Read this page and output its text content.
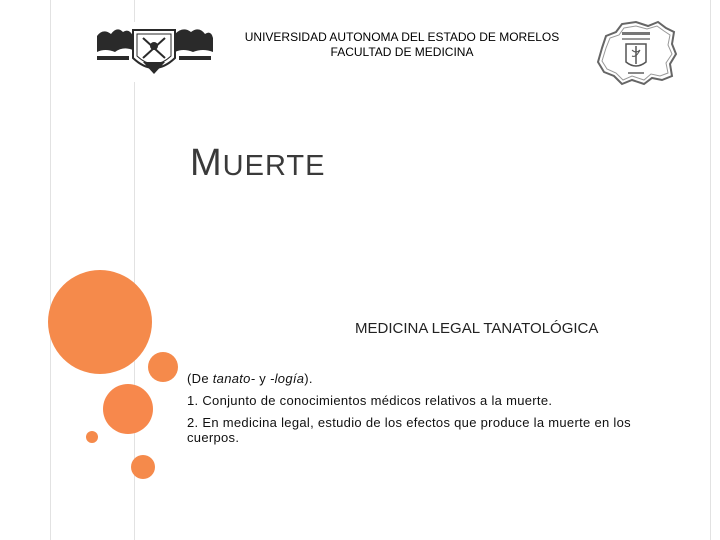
UNIVERSIDAD AUTONOMA DEL ESTADO DE MORELOS
FACULTAD DE MEDICINA
MUERTE
MEDICINA LEGAL TANATOLÓGICA

(De tanato- y -logía).

1. Conjunto de conocimientos médicos relativos a la muerte.

2. En medicina legal, estudio de los efectos que produce la muerte en los cuerpos.
